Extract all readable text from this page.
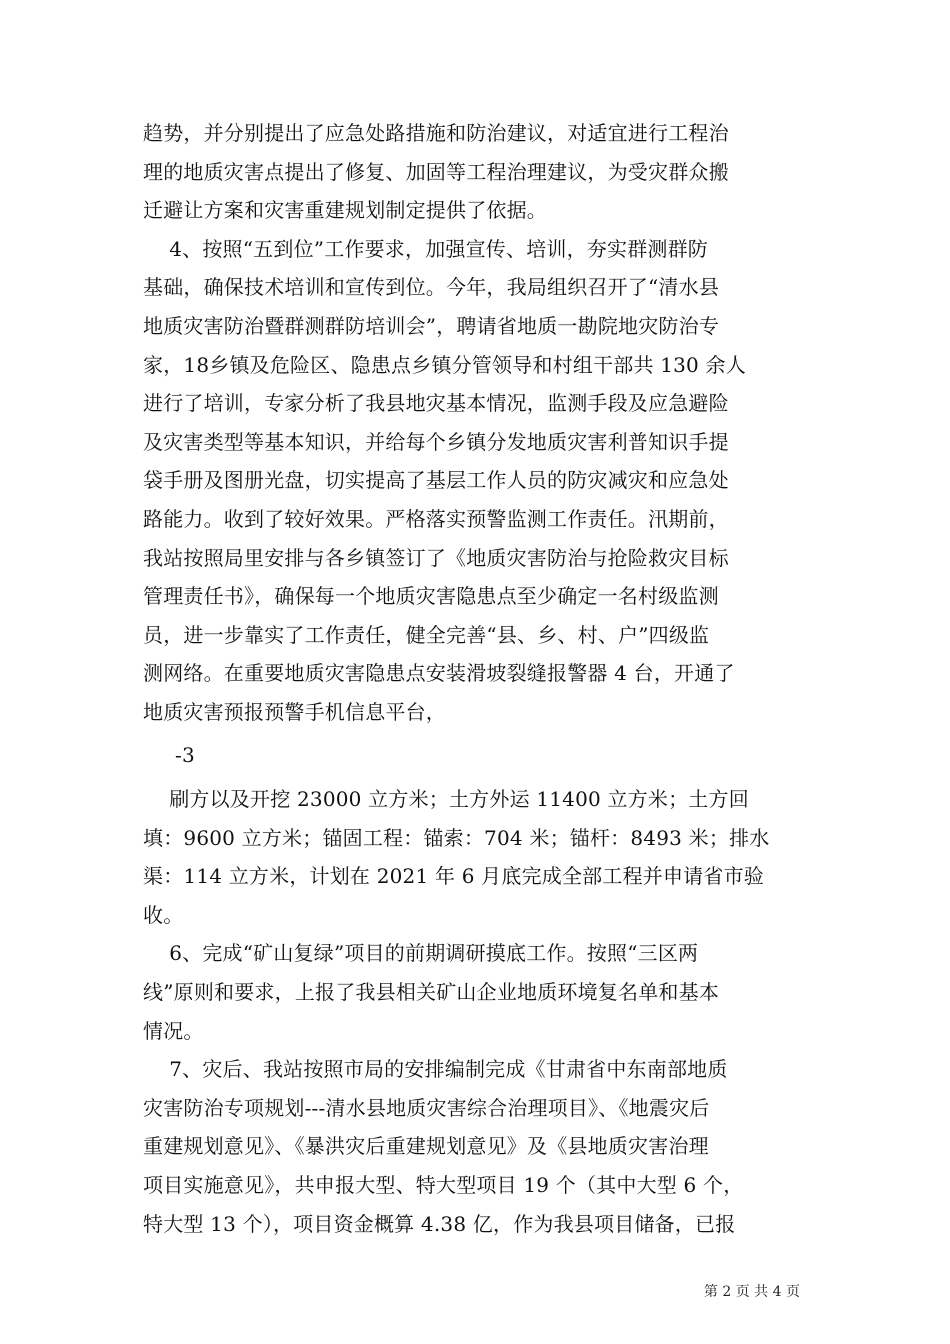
趋势，并分别提出了应急处路措施和防治建议，对适宜进行工程治
理的地质灾害点提出了修复、加固等工程治理建议，为受灾群众搬
迁避让方案和灾害重建规划制定提供了依据。
4、按照“五到位”工作要求，加强宣传、培训，夯实群测群防
基础，确保技术培训和宣传到位。今年，我局组织召开了“清水县
地质灾害防治暨群测群防培训会”，聘请省地质一勘院地灾防治专
家，18乡镇及危险区、隐患点乡镇分管领导和村组干部共 130 余人
进行了培训，专家分析了我县地灾基本情况，监测手段及应急避险
及灾害类型等基本知识，并给每个乡镇分发地质灾害利普知识手提
袋手册及图册光盘，切实提高了基层工作人员的防灾减灾和应急处
路能力。收到了较好效果。严格落实预警监测工作责任。汛期前，
我站按照局里安排与各乡镇签订了《地质灾害防治与抢险救灾目标
管理责任书》，确保每一个地质灾害隐患点至少确定一名村级监测
员，进一步靠实了工作责任，健全完善“县、乡、村、户”四级监
测网络。在重要地质灾害隐患点安装滑坡裂缝报警器 4 台，开通了
地质灾害预报预警手机信息平台，
-3
刷方以及开挖 23000 立方米；土方外运 11400 立方米；土方回
填：9600 立方米；锚固工程：锚索：704 米；锚杆：8493 米；排水
渠：114 立方米，计划在 2021 年 6 月底完成全部工程并申请省市验
收。
6、完成“矿山复绿”项目的前期调研摸底工作。按照“三区两
线”原则和要求，上报了我县相关矿山企业地质环境复名单和基本
情况。
7、灾后、我站按照市局的安排编制完成《甘肃省中东南部地质
灾害防治专项规划---清水县地质灾害综合治理项目》、《地震灾后
重建规划意见》、《暴洪灾后重建规划意见》及《县地质灾害治理
项目实施意见》，共申报大型、特大型项目 19 个（其中大型 6 个，
特大型 13 个），项目资金概算 4.38 亿，作为我县项目储备，已报
第 2 页 共 4 页
